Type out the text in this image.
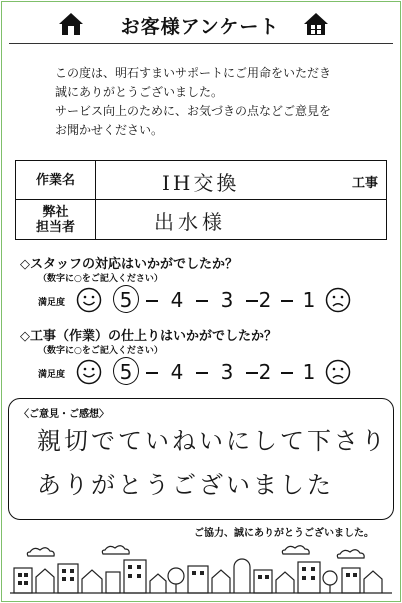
お客様アンケート

この度は、明石すまいサポートにご用命をいただき

誠にありがとうございました。

サービス向上のために、お気づきの点などご意見を

お聞かせください。

作業名	IH交換	工事
弊社
担当者	出水様
◇スタッフの対応はいかがでしたか？
（数字に○をご記入ください）
満足度	5 4 3 2 1
◇工事（作業）の仕上りはいかがでしたか？
（数字に○をご記入ください）
満足度	5 4 3 2 1
〈ご意見・ご感想〉
親切でていねいにして下さり
ありがとうございました
ご協力、誠にありがとうございました。
